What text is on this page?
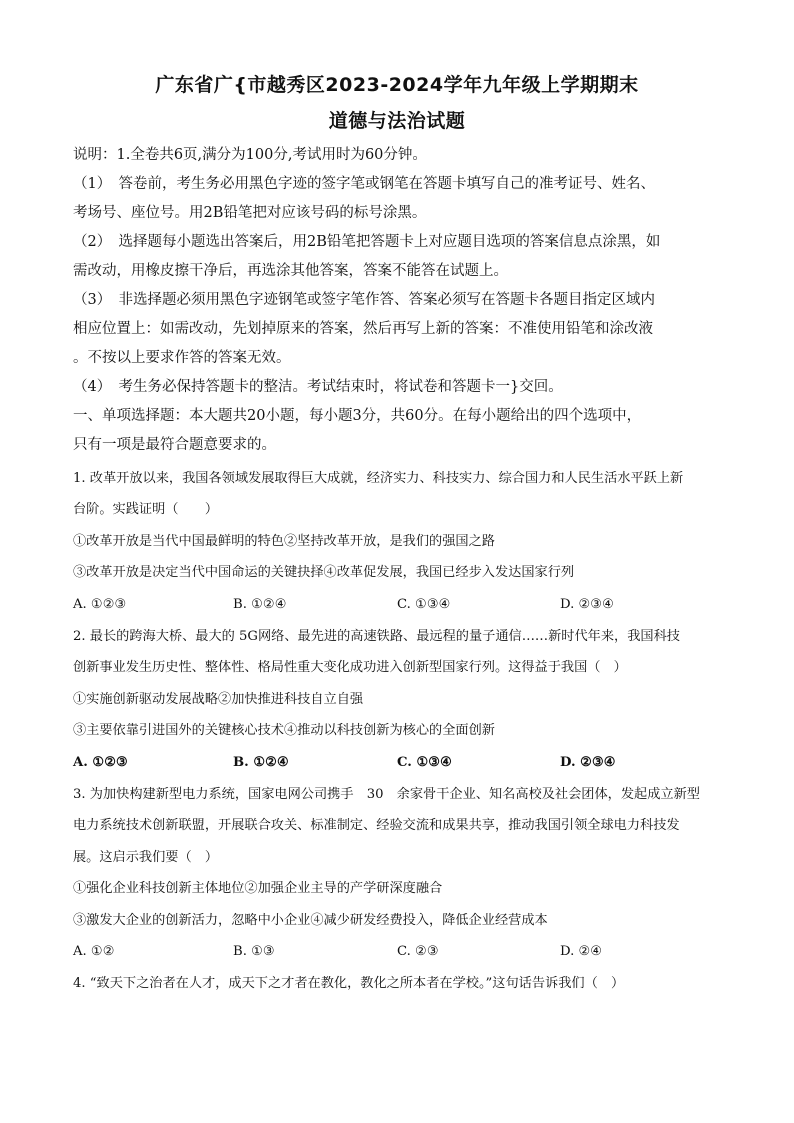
广东省广{市越秀区2023-2024学年九年级上学期期末
道德与法治试题
说明：1.全卷共6页,满分为100分,考试用时为60分钟。
（1）　答卷前，考生务必用黑色字迹的签字笔或钢笔在答题卡填写自己的准考证号、姓名、
考场号、座位号。用2B铅笔把对应该号码的标号涂黑。
（2）　选择题每小题选出答案后，用2B铅笔把答题卡上对应题目选项的答案信息点涂黑，如
需改动，用橡皮擦干净后，再选涂其他答案，答案不能答在试题上。
（3）　非选择题必须用黑色字迹钢笔或签字笔作答、答案必须写在答题卡各题目指定区域内
相应位置上：如需改动，先划掉原来的答案，然后再写上新的答案：不准使用铅笔和涂改液
。不按以上要求作答的答案无效。
（4）　考生务必保持答题卡的整洁。考试结束时，将试卷和答题卡一}交回。
一、单项选择题：本大题共20小题，每小题3分，共60分。在每小题给出的四个选项中，
只有一项是最符合题意要求的。
1. 改革开放以来，我国各领域发展取得巨大成就，经济实力、科技实力、综合国力和人民生活水平跃上新
台阶。实践证明（　　）
①改革开放是当代中国最鲜明的特色②坚持改革开放，是我们的强国之路
③改革开放是决定当代中国命运的关键抉择④改革促发展，我国已经步入发达国家行列
A. ①②③	B. ①②④	C. ①③④	D. ②③④
2. 最长的跨海大桥、最大的 5G网络、最先进的高速铁路、最远程的量子通信……新时代年来，我国科技
创新事业发生历史性、整体性、格局性重大变化成功进入创新型国家行列。这得益于我国（　）
①实施创新驱动发展战略②加快推进科技自立自强
③主要依靠引进国外的关键核心技术④推动以科技创新为核心的全面创新
A. ①②③	B. ①②④	C. ①③④	D. ②③④
3. 为加快构建新型电力系统，国家电网公司携手　30　余家骨干企业、知名高校及社会团体，发起成立新型
电力系统技术创新联盟，开展联合攻关、标准制定、经验交流和成果共享，推动我国引领全球电力科技发
展。这启示我们要（　）
①强化企业科技创新主体地位②加强企业主导的产学研深度融合
③激发大企业的创新活力，忽略中小企业④减少研发经费投入，降低企业经营成本
A. ①②	B. ①③	C. ②③	D. ②④
4. “致天下之治者在人才，成天下之才者在教化，教化之所本者在学校。”这句话告诉我们（　）
